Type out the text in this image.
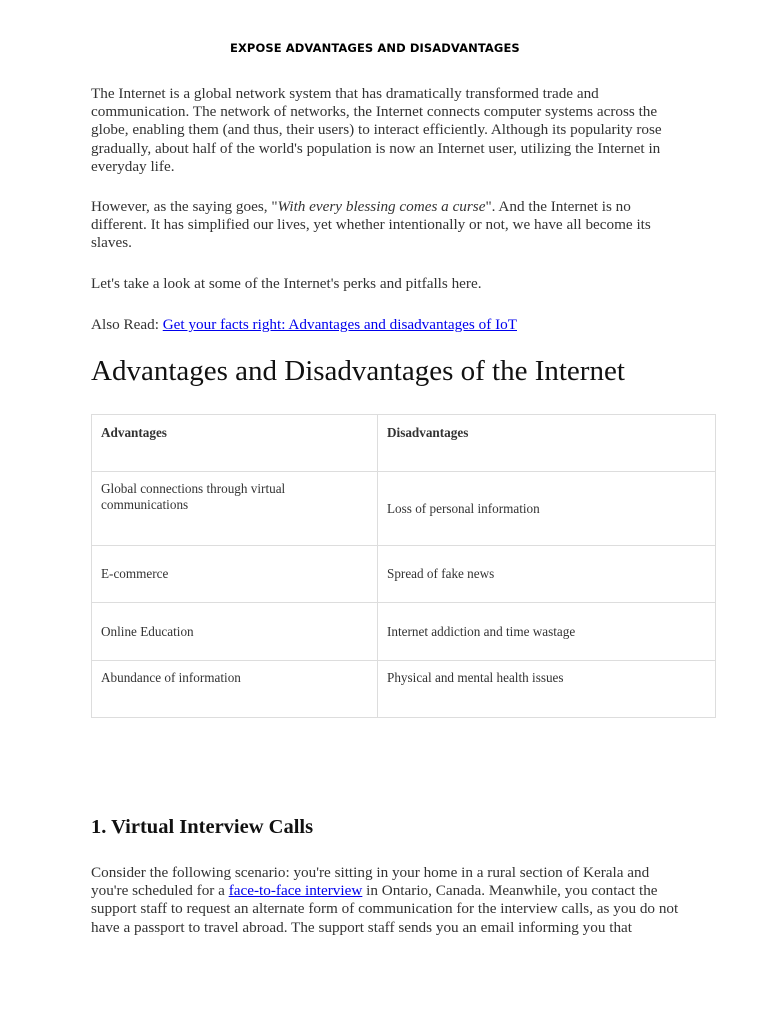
EXPOSE ADVANTAGES AND DISADVANTAGES

The Internet is a global network system that has dramatically transformed trade and communication. The network of networks, the Internet connects computer systems across the globe, enabling them (and thus, their users) to interact efficiently. Although its popularity rose gradually, about half of the world's population is now an Internet user, utilizing the Internet in everyday life.

However, as the saying goes, "With every blessing comes a curse". And the Internet is no different. It has simplified our lives, yet whether intentionally or not, we have all become its slaves.

Let's take a look at some of the Internet's perks and pitfalls here.

Also Read: Get your facts right: Advantages and disadvantages of IoT

Advantages and Disadvantages of the Internet
Advantages	Disadvantages
Global connections through virtual communications	Loss of personal information
E-commerce	Spread of fake news
Online Education	Internet addiction and time wastage
Abundance of information	Physical and mental health issues
1. Virtual Interview Calls

Consider the following scenario: you're sitting in your home in a rural section of Kerala and you're scheduled for a face-to-face interview in Ontario, Canada. Meanwhile, you contact the support staff to request an alternate form of communication for the interview calls, as you do not have a passport to travel abroad. The support staff sends you an email informing you that
